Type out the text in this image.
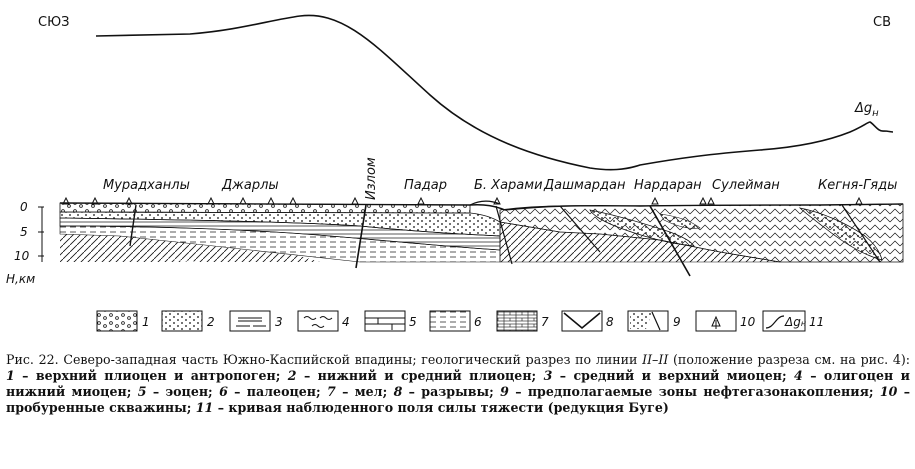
СЮЗ	СВ
$\Delta g_н$
Излом
Мурадханлы Джарлы	Падар Б. Харами Дашмардан Нардаран Сулейман	Кегня-Гяды
0
5
10
Н,км
1	2	3	4	5	6	7	8	9	10 Δgн 11
Рис. 22. Северо-западная часть Южно-Каспийской впадины; геологический разрез по линии II–II (положение разреза см. на рис. 4): 1 – верхний плиоцен и антропоген; 2 – нижний и средний плиоцен; 3 – средний и верхний миоцен; 4 – олигоцен и нижний миоцен; 5 – эоцен; 6 – палеоцен; 7 – мел; 8 – разрывы; 9 – предполагаемые зоны нефтегазонакопления; 10 – пробуренные скважины; 11 – кривая наблюденного поля силы тяжести (редукция Буге)
